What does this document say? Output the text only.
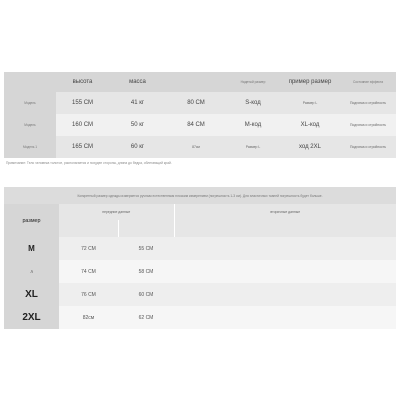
	высота	масса		Надетый размер	пример размер	Состояние эффекта
Модель	155 СМ	41 кг	80 СМ	S-код	Размер L	Подгонка и стройность
Модель	160 СМ	50 кг	84 СМ	M-код	XL-код	Подгонка и стройность
Модель 1	165 СМ	60 кг	87см	Размер L	ход 2XL	Подгонка и стройность
Примечание: Тело человека толстое, располагается и похудел стороны, длина до бедра, облегающий край.
Конкретный размер одежды измеряется ручным естественным плоским измерением (погрешность 1-3 см). Для эластичных тканей погрешность будет больше.				
размер	передние данные		вторичные данные	

M	72 СМ	55 СМ		
Л	74 СМ	58 СМ		
XL	76 СМ	60 СМ		
2XL	82см	62 СМ		
